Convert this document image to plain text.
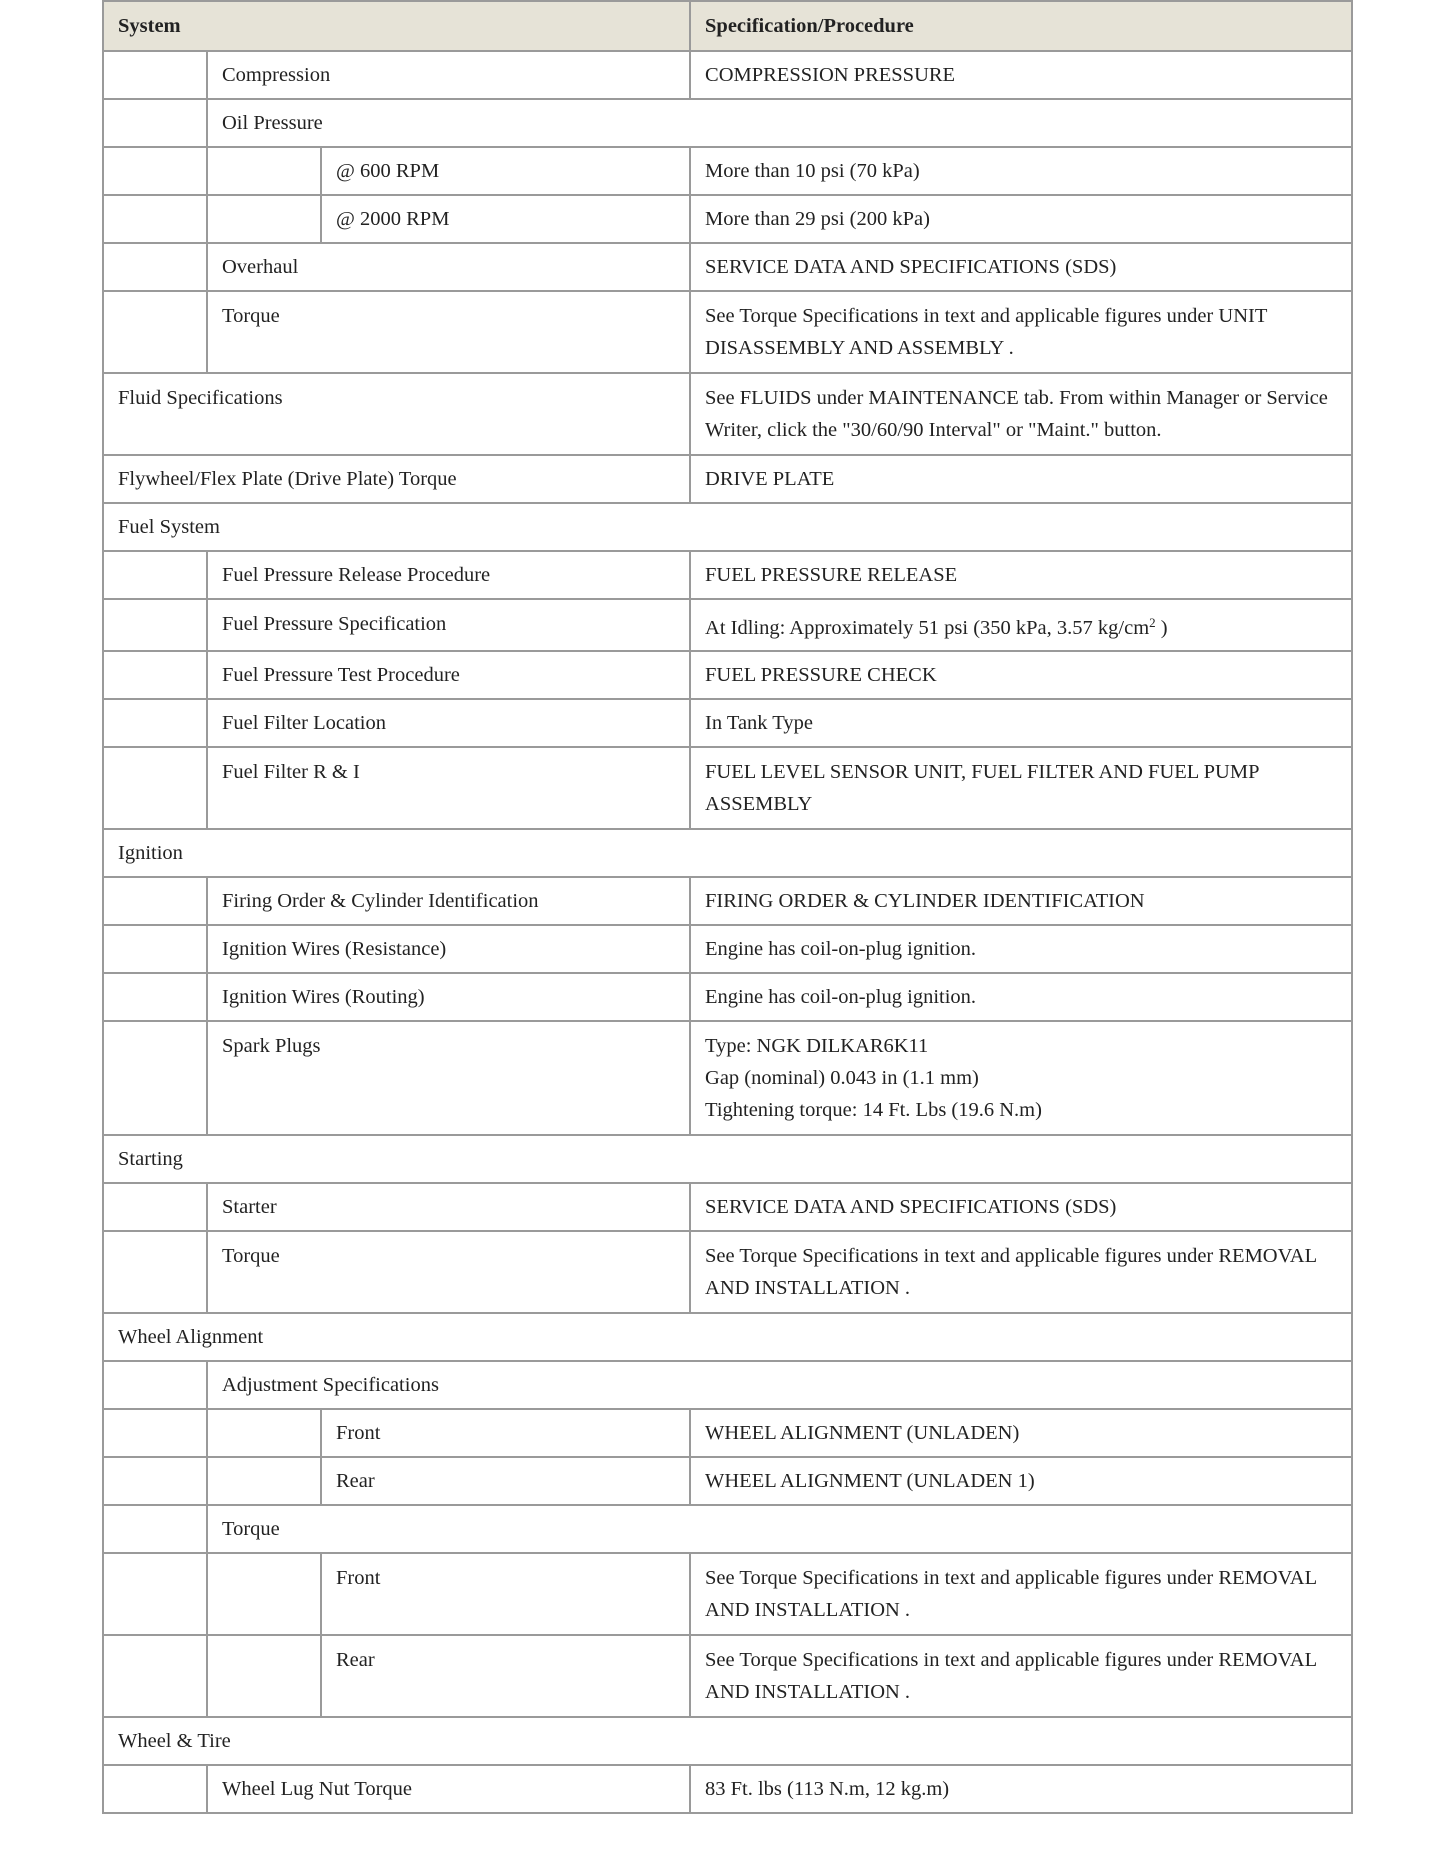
System			Specification/Procedure
	Compression		COMPRESSION PRESSURE
	Oil Pressure		
		@ 600 RPM	More than 10 psi (70 kPa)
		@ 2000 RPM	More than 29 psi (200 kPa)
	Overhaul		SERVICE DATA AND SPECIFICATIONS (SDS)
	Torque		See Torque Specifications in text and applicable figures under UNIT DISASSEMBLY AND ASSEMBLY .
Fluid Specifications			See FLUIDS under MAINTENANCE tab. From within Manager or Service Writer, click the "30/60/90 Interval" or "Maint." button.
Flywheel/Flex Plate (Drive Plate) Torque			DRIVE PLATE
Fuel System			
	Fuel Pressure Release Procedure		FUEL PRESSURE RELEASE
	Fuel Pressure Specification		At Idling: Approximately 51 psi (350 kPa, 3.57 $kg/cm^2$ )
	Fuel Pressure Test Procedure		FUEL PRESSURE CHECK
	Fuel Filter Location		In Tank Type
	Fuel Filter R & I		FUEL LEVEL SENSOR UNIT, FUEL FILTER AND FUEL PUMP ASSEMBLY
Ignition			
	Firing Order & Cylinder Identification		FIRING ORDER & CYLINDER IDENTIFICATION
	Ignition Wires (Resistance)		Engine has coil-on-plug ignition.
	Ignition Wires (Routing)		Engine has coil-on-plug ignition.
	Spark Plugs		Type: NGK DILKAR6K11
Gap (nominal) 0.043 in (1.1 mm)
Tightening torque: 14 Ft. Lbs (19.6 N.m)

Starting			
	Starter		SERVICE DATA AND SPECIFICATIONS (SDS)
	Torque		See Torque Specifications in text and applicable figures under REMOVAL AND INSTALLATION .
Wheel Alignment			
	Adjustment Specifications		
		Front	WHEEL ALIGNMENT (UNLADEN)
		Rear	WHEEL ALIGNMENT (UNLADEN 1)
	Torque		
		Front	See Torque Specifications in text and applicable figures under REMOVAL AND INSTALLATION .
		Rear	See Torque Specifications in text and applicable figures under REMOVAL AND INSTALLATION .
Wheel & Tire			
	Wheel Lug Nut Torque		83 Ft. lbs (113 N.m, 12 kg.m)
